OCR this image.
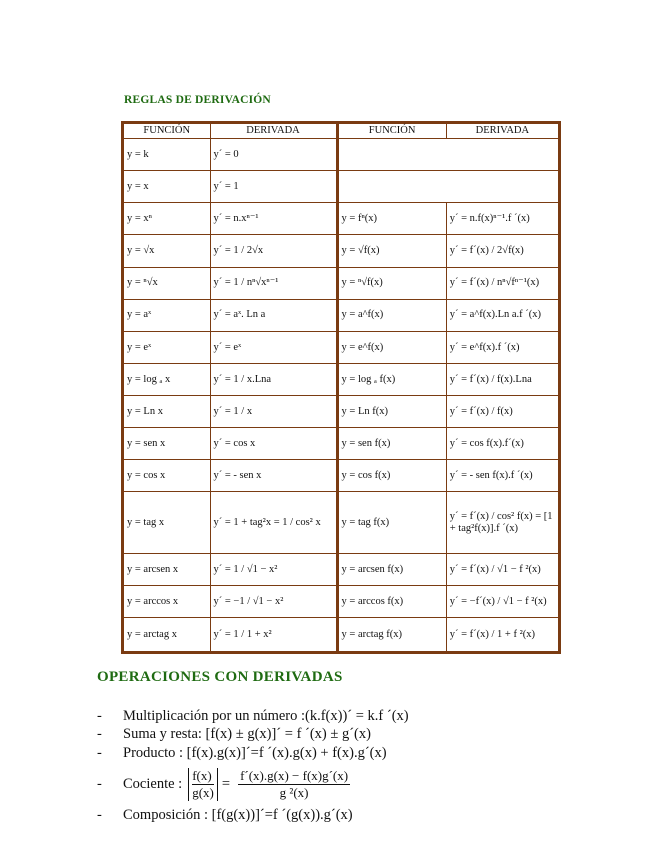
REGLAS DE DERIVACIÓN
FUNCIÓN	DERIVADA	FUNCIÓN	DERIVADA
y = k	y´ = 0		
y = x	y´ = 1		
y = xⁿ	y´ = n.xⁿ⁻¹	y = fⁿ(x)	y´ = n.f(x)ⁿ⁻¹.f ´(x)
y = √x	y´ = 1 / 2√x	y = √f(x)	y´ = f´(x) / 2√f(x)
y = ⁿ√x	y´ = 1 / nⁿ√xⁿ⁻¹	y = ⁿ√f(x)	y´ = f´(x) / nⁿ√fⁿ⁻¹(x)
y = aˣ	y´ = aˣ. Ln a	y = a^f(x)	y´ = a^f(x).Ln a.f ´(x)
y = eˣ	y´ = eˣ	y = e^f(x)	y´ = e^f(x).f ´(x)
y = log ₐ x	y´ = 1 / x.Lna	y = log ₐ f(x)	y´ = f´(x) / f(x).Lna
y = Ln x	y´ = 1 / x	y = Ln f(x)	y´ = f´(x) / f(x)
y = sen x	y´ = cos x	y = sen f(x)	y´ = cos f(x).f´(x)
y = cos x	y´ = - sen x	y = cos f(x)	y´ = - sen f(x).f ´(x)
y = tag x	y´ = 1 + tag²x = 1 / cos² x	y = tag f(x)	y´ = f´(x) / cos² f(x) = [1 + tag²f(x)].f ´(x)
y = arcsen x	y´ = 1 / √1 − x²	y = arcsen f(x)	y´ = f´(x) / √1 − f ²(x)
y = arccos x	y´ = −1 / √1 − x²	y = arccos f(x)	y´ = −f´(x) / √1 − f ²(x)
y = arctag x	y´ = 1 / 1 + x²	y = arctag f(x)	y´ = f´(x) / 1 + f ²(x)
OPERACIONES CON DERIVADAS
-	Multiplicación por un número :(k.f(x))´ = k.f ´(x)
-	Suma y resta: [f(x) ± g(x)]´ = f ´(x) ± g´(x)
-	Producto : [f(x).g(x)]´=f ´(x).g(x) + f(x).g´(x)
-	Cociente : $\frac{f(x)}{g(x)} = \frac{f´(x).g(x) - f(x)g´(x)}{\text{g ²(x)}}$
-	Composición : [f(g(x))]´=f ´(g(x)).g´(x)
